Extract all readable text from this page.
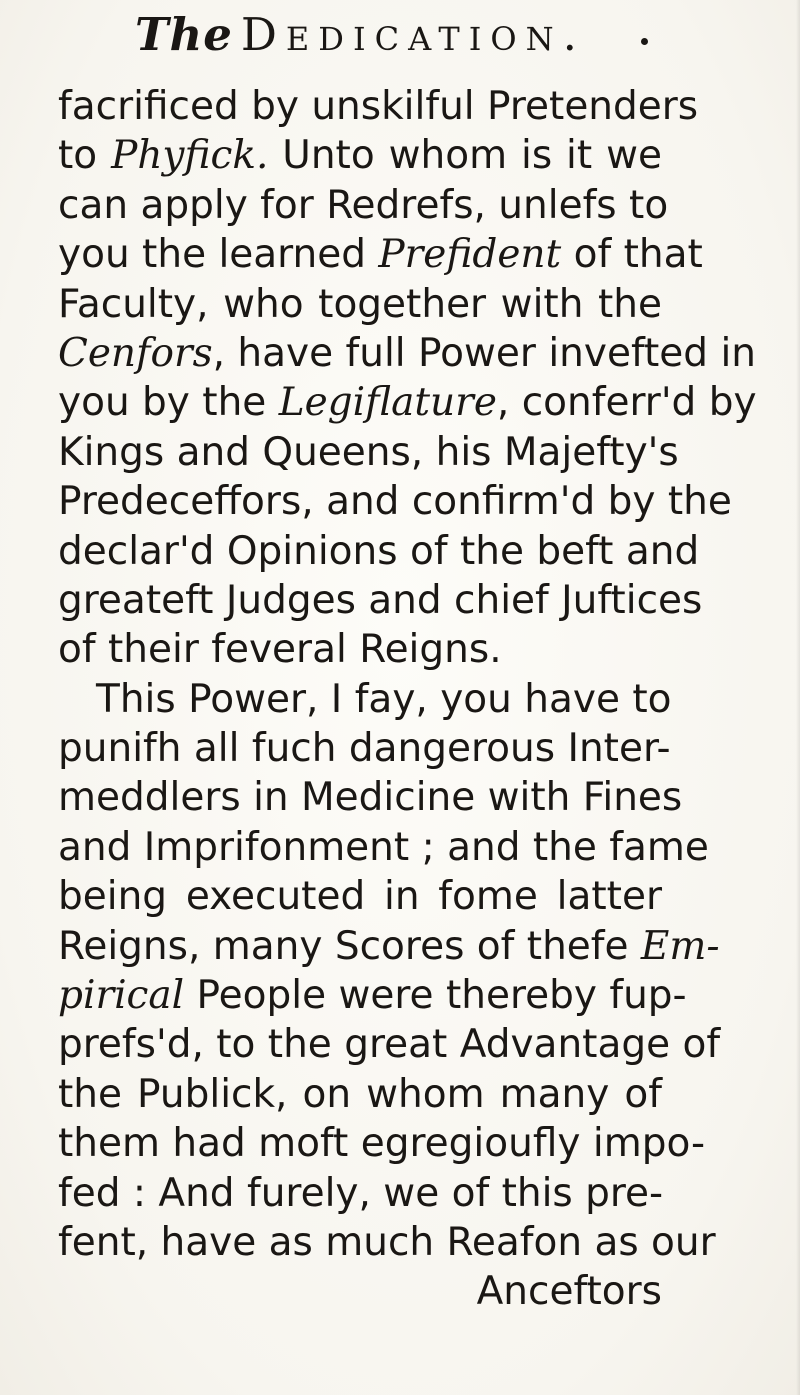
The Dedication.
facrificed by unskilful Pretenders
to Phyfick. Unto whom is it we
can apply for Redrefs, unlefs to
you the learned Prefident of that
Faculty, who together with the
Cenfors, have full Power invefted in
you by the Legiflature, conferr'd by
Kings and Queens, his Majefty's
Predeceffors, and confirm'd by the
declar'd Opinions of the beft and
greateft Judges and chief Juftices
of their feveral Reigns.
This Power, I fay, you have to
punifh all fuch dangerous Inter-
meddlers in Medicine with Fines
and Imprifonment ; and the fame
being executed in fome latter
Reigns, many Scores of thefe Em-
pirical People were thereby fup-
prefs'd, to the great Advantage of
the Publick, on whom many of
them had moft egregioufly impo-
fed : And furely, we of this pre-
fent, have as much Reafon as our
Anceftors
